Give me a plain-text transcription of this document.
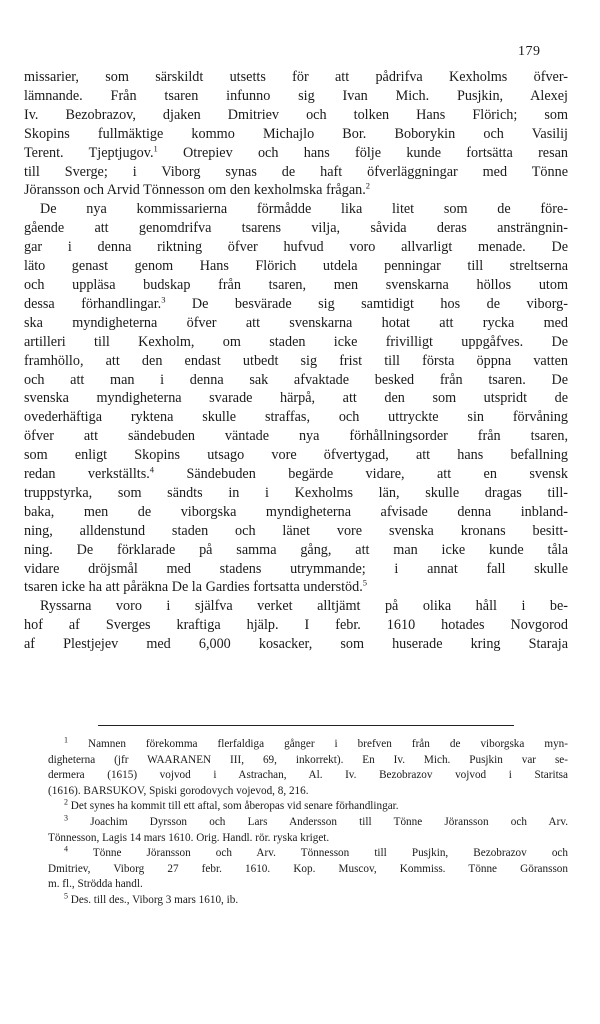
179
missarier, som särskildt utsetts för att pådrifva Kexholms öfver-
lämnande. Från tsaren infunno sig Ivan Mich. Pusjkin, Alexej
Iv. Bezobrazov, djaken Dmitriev och tolken Hans Flörich; som
Skopins fullmäktige kommo Michajlo Bor. Boborykin och Vasilij
Terent. Tjeptjugov.$^1$ Otrepiev och hans följe kunde fortsätta resan
till Sverge; i Viborg synas de haft öfverläggningar med Tönne
Jöransson och Arvid Tönnesson om den kexholmska frågan.$^2$
De nya kommissarierna förmådde lika litet som de före-
gående att genomdrifva tsarens vilja, såvida deras ansträngnin-
gar i denna riktning öfver hufvud voro allvarligt menade. De
läto genast genom Hans Flörich utdela penningar till streltserna
och uppläsa budskap från tsaren, men svenskarna höllos utom
dessa förhandlingar.$^3$ De besvärade sig samtidigt hos de viborg-
ska myndigheterna öfver att svenskarna hotat att rycka med
artilleri till Kexholm, om staden icke frivilligt uppgåfves. De
framhöllo, att den endast utbedt sig frist till första öppna vatten
och att man i denna sak afvaktade besked från tsaren. De
svenska myndigheterna svarade härpå, att den som utspridt de
ovederhäftiga ryktena skulle straffas, och uttryckte sin förvåning
öfver att sändebuden väntade nya förhållningsorder från tsaren,
som enligt Skopins utsago vore öfvertygad, att hans befallning
redan verkställts.$^4$ Sändebuden begärde vidare, att en svensk
truppstyrka, som sändts in i Kexholms län, skulle dragas till-
baka, men de viborgska myndigheterna afvisade denna inbland-
ning, alldenstund staden och länet vore svenska kronans besitt-
ning. De förklarade på samma gång, att man icke kunde tåla
vidare dröjsmål med stadens utrymmande; i annat fall skulle
tsaren icke ha att påräkna De la Gardies fortsatta understöd.$^5$
Ryssarna voro i själfva verket alltjämt på olika håll i be-
hof af Sverges kraftiga hjälp. I febr. 1610 hotades Novgorod
af Plestjejev med 6,000 kosacker, som huserade kring Staraja
$^1$ Namnen förekomma flerfaldiga gånger i brefven från de viborgska myn-
digheterna (jfr WAARANEN III, 69, inkorrekt). En Iv. Mich. Pusjkin var se-
dermera (1615) vojvod i Astrachan, Al. Iv. Bezobrazov vojvod i Staritsa
(1616). BARSUKOV, Spiski gorodovych vojevod, 8, 216.
$^2$ Det synes ha kommit till ett aftal, som åberopas vid senare förhandlingar.
$^3$ Joachim Dyrsson och Lars Andersson till Tönne Jöransson och Arv.
Tönnesson, Lagis 14 mars 1610. Orig. Handl. rör. ryska kriget.
$^4$ Tönne Jöransson och Arv. Tönnesson till Pusjkin, Bezobrazov och
Dmitriev, Viborg 27 febr. 1610. Kop. Muscov, Kommiss. Tönne Göransson
m. fl., Strödda handl.
$^5$ Des. till des., Viborg 3 mars 1610, ib.
